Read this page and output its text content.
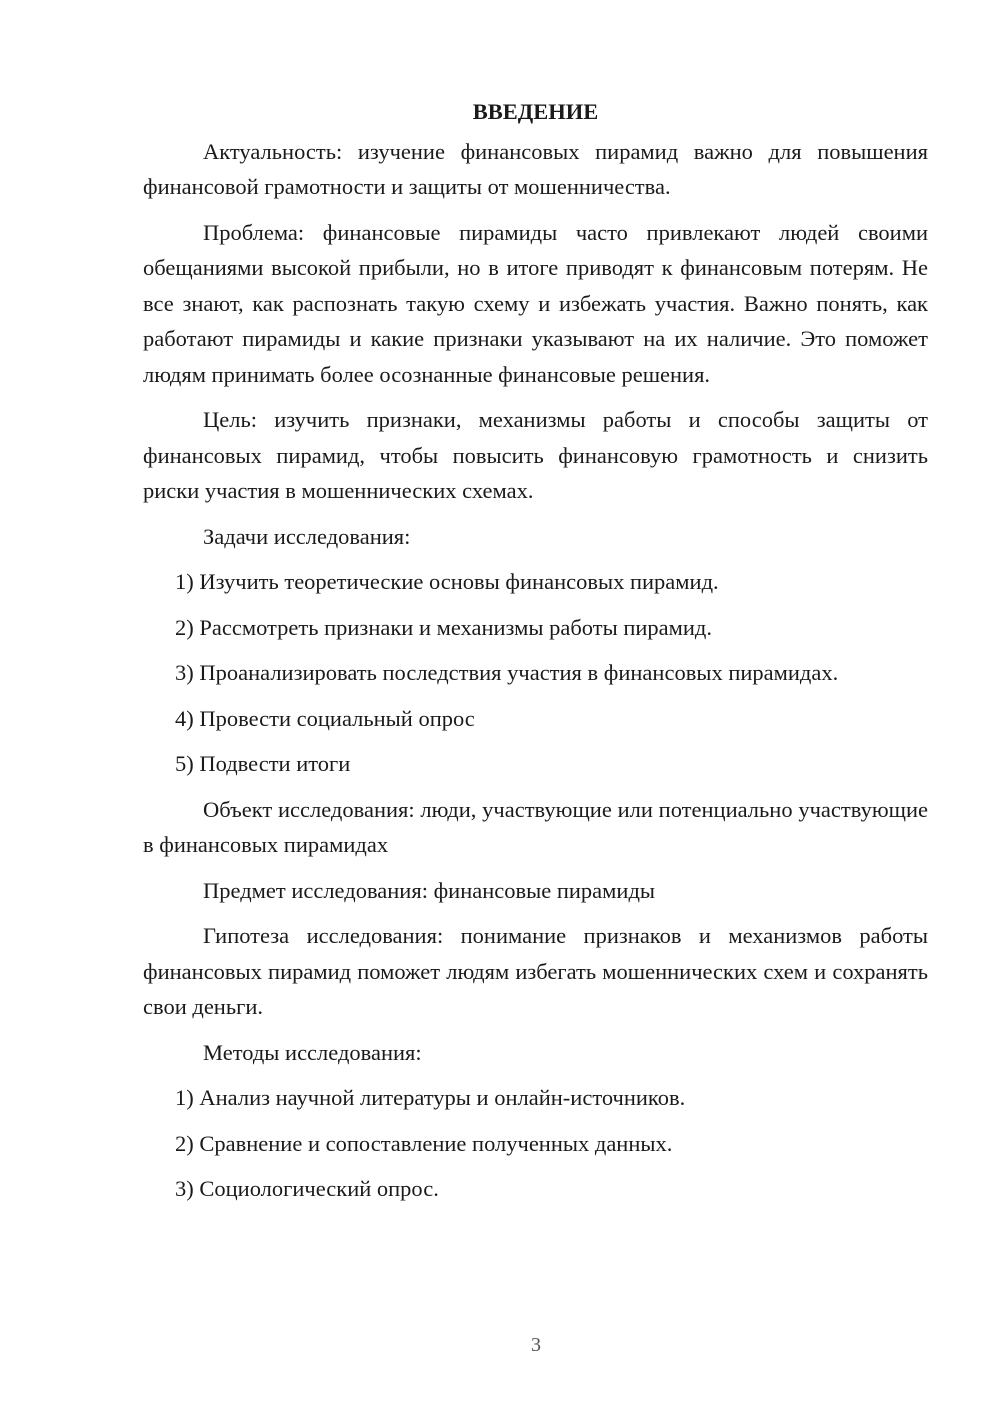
ВВЕДЕНИЕ

Актуальность: изучение финансовых пирамид важно для повышения финансовой грамотности и защиты от мошенничества.

Проблема: финансовые пирамиды часто привлекают людей своими обещаниями высокой прибыли, но в итоге приводят к финансовым потерям. Не все знают, как распознать такую схему и избежать участия. Важно понять, как работают пирамиды и какие признаки указывают на их наличие. Это поможет людям принимать более осознанные финансовые решения.

Цель: изучить признаки, механизмы работы и способы защиты от финансовых пирамид, чтобы повысить финансовую грамотность и снизить риски участия в мошеннических схемах.

Задачи исследования:

1) Изучить теоретические основы финансовых пирамид.
2) Рассмотреть признаки и механизмы работы пирамид.
3) Проанализировать последствия участия в финансовых пирамидах.
4) Провести социальный опрос
5) Подвести итоги

Объект исследования: люди, участвующие или потенциально участвующие в финансовых пирамидах

Предмет исследования: финансовые пирамиды

Гипотеза исследования: понимание признаков и механизмов работы финансовых пирамид поможет людям избегать мошеннических схем и сохранять свои деньги.

Методы исследования:

1) Анализ научной литературы и онлайн-источников.
2) Сравнение и сопоставление полученных данных.
3) Социологический опрос.
3
